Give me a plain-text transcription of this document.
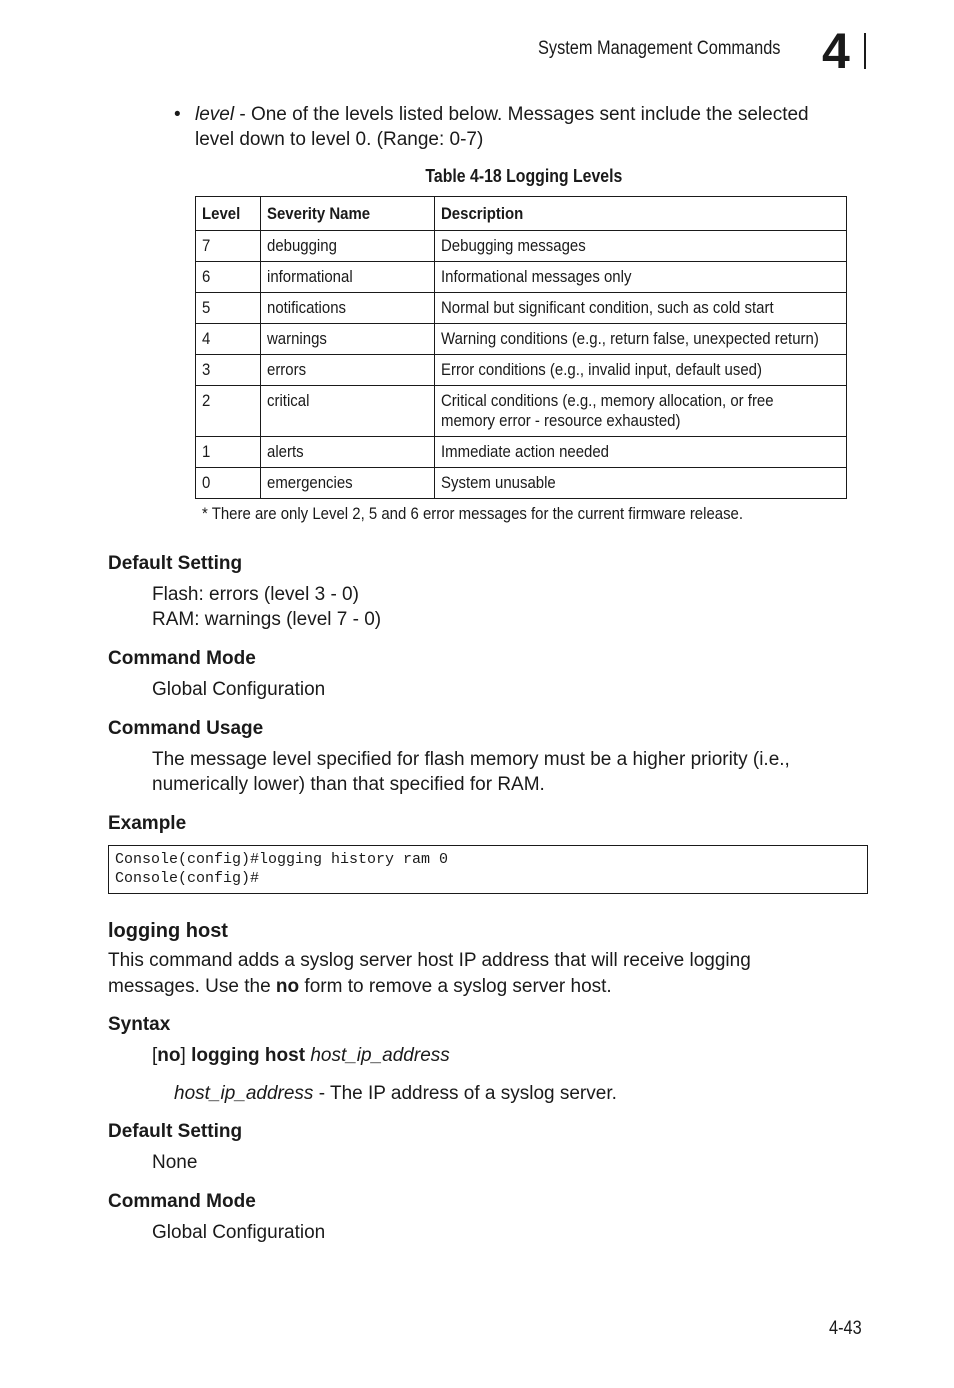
System Management Commands 4
• level - One of the levels listed below. Messages sent include the selected
level down to level 0. (Range: 0-7)
Table 4-18 Logging Levels
Level	Severity Name	Description
7	debugging	Debugging messages
6	informational	Informational messages only
5	notifications	Normal but significant condition, such as cold start
4	warnings	Warning conditions (e.g., return false, unexpected return)
3	errors	Error conditions (e.g., invalid input, default used)
2	critical	Critical conditions (e.g., memory allocation, or free
memory error - resource exhausted)
1	alerts	Immediate action needed
0	emergencies	System unusable
* There are only Level 2, 5 and 6 error messages for the current firmware release.
Default Setting
Flash: errors (level 3 - 0)
RAM: warnings (level 7 - 0)
Command Mode
Global Configuration
Command Usage
The message level specified for flash memory must be a higher priority (i.e.,
numerically lower) than that specified for RAM.
Example
Console(config)#logging history ram 0
Console(config)#
logging host
This command adds a syslog server host IP address that will receive logging
messages. Use the no form to remove a syslog server host.
Syntax
[no] logging host host_ip_address
host_ip_address - The IP address of a syslog server.
Default Setting
None
Command Mode
Global Configuration
4-43
